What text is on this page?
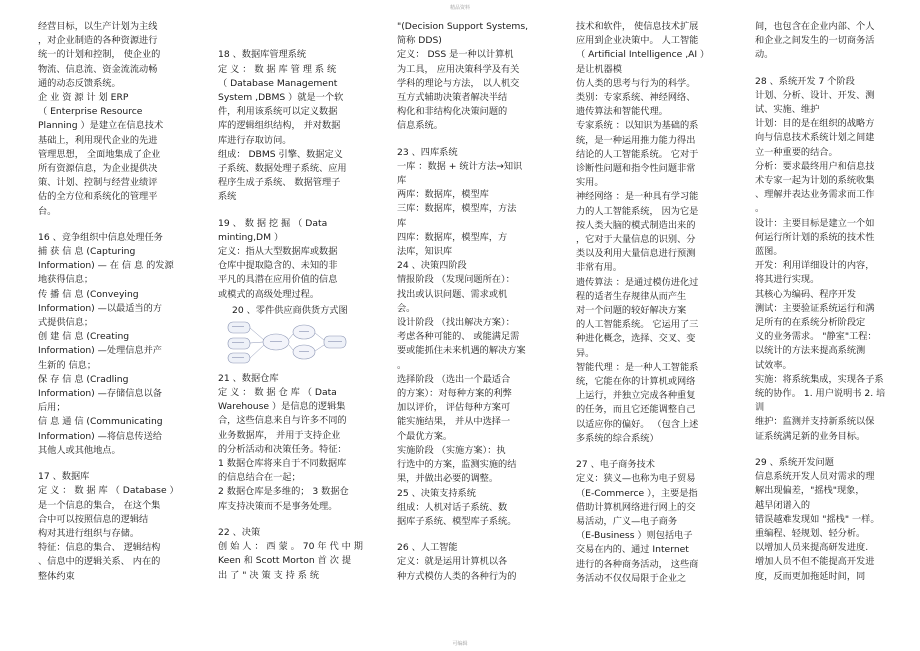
精品资料

经营目标，以生产计划为主线
，对企业制造的各种资源进行
统一的计划和控制， 使企业的
物流、信息流、资金流流动畅
通的动态反馈系统。
企 业 资 源 计 划 ERP
（ Enterprise Resource
Planning ）是建立在信息技术
基础上，利用现代企业的先进
管理思想， 全面地集成了企业
所有资源信息，为企业提供决
策、计划、控制与经营业绩评
估的全方位和系统化的管理平
台。

16 、竞争组织中信息处理任务
捕 获 信 息 (Capturing
Information) — 在 信 息 的发源
地获得信息；
传 播 信 息 (Conveying
Information) —以最适当的方
式提供信息；
创 建 信 息 (Creating
Information) —处理信息并产
生新的 信息；
保 存 信 息 (Cradling
Information) —存储信息以备
后用；
信 息 通 信 (Communicating
Information) —将信息传送给
其他人或其他地点。

17 、数据库
定 义 ： 数 据 库 （ Database ）
是一个信息的集合， 在这个集
合中可以按照信息的逻辑结
构对其进行组织与存储。
特征：信息的集合、 逻辑结构
、信息中的逻辑关系、 内在的
整体约束

18 、数据库管理系统
定 义 ： 数 据 库 管 理 系 统
（ Database Management
System ,DBMS ）就是一个软
件，利用该系统可以定义数据
库的逻辑组织结构， 并对数据
库进行存取访问。
组成： DBMS 引擎、数据定义
子系统、数据处理子系统、应用
程序生成子系统、 数据管理子
系统

19 、 数 据 挖 掘 （ Data
minting,DM ）
定义：指从大型数据库或数据
仓库中提取隐含的、未知的非
平凡的具潜在应用价值的信息
或模式的高级处理过程。

20 、零件供应商供货方式图

21 、数据仓库
定 义 ： 数 据 仓 库 （ Data
Warehouse ）是信息的逻辑集
合，这些信息来自与许多不同的
业务数据库， 并用于支持企业
的分析活动和决策任务。特征：
1 数据仓库将来自于不同数据库
的信息结合在一起；
2 数据仓库是多维的； 3 数据仓
库支持决策而不是事务处理。

22 、决策
创 始 人 ： 西 蒙 。 70 年 代 中 期
Keen 和 Scott Morton 首 次 提
出 了 " 决 策 支 持 系 统

"(Decision Support Systems,
简称 DDS)
定义： DSS 是一种以计算机
为工具， 应用决策科学及有关
学科的理论与方法， 以人机交
互方式辅助决策者解决半结
构化和非结构化决策问题的
信息系统。

23 、四库系统
一库 ：数据 + 统计方法→知识
库
两库：数据库，模型库
三库：数据库，模型库，方法
库
四库：数据库，模型库，方
法库，知识库
24 、决策四阶段
情报阶段 （发现问题所在）：
找出或认识问题、需求或机
会。
设计阶段 （找出解决方案）：
考虑各种可能的、 或能满足需
要或能抓住未来机遇的解决方案
。
选择阶段 （选出一个最适合
的方案）：对每种方案的利弊
加以评价， 评估每种方案可
能实施结果， 并从中选择一
个最优方案。
实施阶段 （实施方案）：执
行选中的方案，监测实施的结
果，并做出必要的调整。
25 、决策支持系统
组成：人机对话子系统、数
据库子系统、模型库子系统。

26 、人工智能
定义：就是运用计算机以各
种方式模仿人类的各种行为的

技术和软件， 使信息技术扩展
应用到企业决策中。 人工智能
（ Artificial Intelligence ,AI ）
是让机器模
仿人类的思考与行为的科学。
类别：专家系统、神经网络、
遗传算法和智能代理。
专家系统 ：以知识为基础的系
统，是一种运用推力能力得出
结论的人工智能系统。 它对于
诊断性问题和指令性问题非常
实用。
神经网络 ：是一种具有学习能
力的人工智能系统， 因为它是
按人类大脑的模式制造出来的
，它对于大量信息的识别、分
类以及利用大量信息进行预测
非常有用。
遗传算法 ：是通过模仿进化过
程的适者生存规律从而产生
对一个问题的较好解决方案
的人工智能系统。 它运用了三
种进化概念，选择、交叉、变
异。
智能代理 ：是一种人工智能系
统，它能在你的计算机或网络
上运行，并独立完成各种重复
的任务，而且它还能调整自己
以适应你的偏好。 （包含上述
多系统的综合系统）

27 、电子商务技术
定义：狭义—也称为电子贸易
（E-Commerce ），主要是指
借助计算机网络进行网上的交
易活动，广义—电子商务
（E-Business ）则包括电子
交易在内的、通过 Internet
进行的各种商务活动， 这些商
务活动不仅仅局限于企业之

间，也包含在企业内部、个人
和企业之间发生的一切商务活
动。

28 、系统开发 7 个阶段
计划、分析、设计、开发、测
试、实施、维护
计划：目的是在组织的战略方
向与信息技术系统计划之间建
立一种重要的结合。
分析：要求最终用户和信息技
术专家一起为计划的系统收集
、理解并表达业务需求而工作
。
设计：主要目标是建立一个如
何运行所计划的系统的技术性
蓝图。
开发：利用详细设计的内容，
将其进行实现。
其核心为编码、程序开发
测试：主要验证系统运行和满
足所有的在系统分析阶段定
义的业务需求。 "静室"工程：
以统计的方法来提高系统测
试效率。
实施：将系统集成，实现各子系
统的协作。 1. 用户说明书 2. 培
训
维护：监测并支持新系统以保
证系统满足新的业务目标。

29 、系统开发问题
信息系统开发人员对需求的理
解出现偏差，"摇栈"现象，
越早闭谱入的
错误越难发现如 "摇栈" 一样。
重编程、轻规划、轻分析。
以增加人员来提高研发进度.
增加人员不但不能提高开发进
度，反而更加拖延时间，同

可编辑
